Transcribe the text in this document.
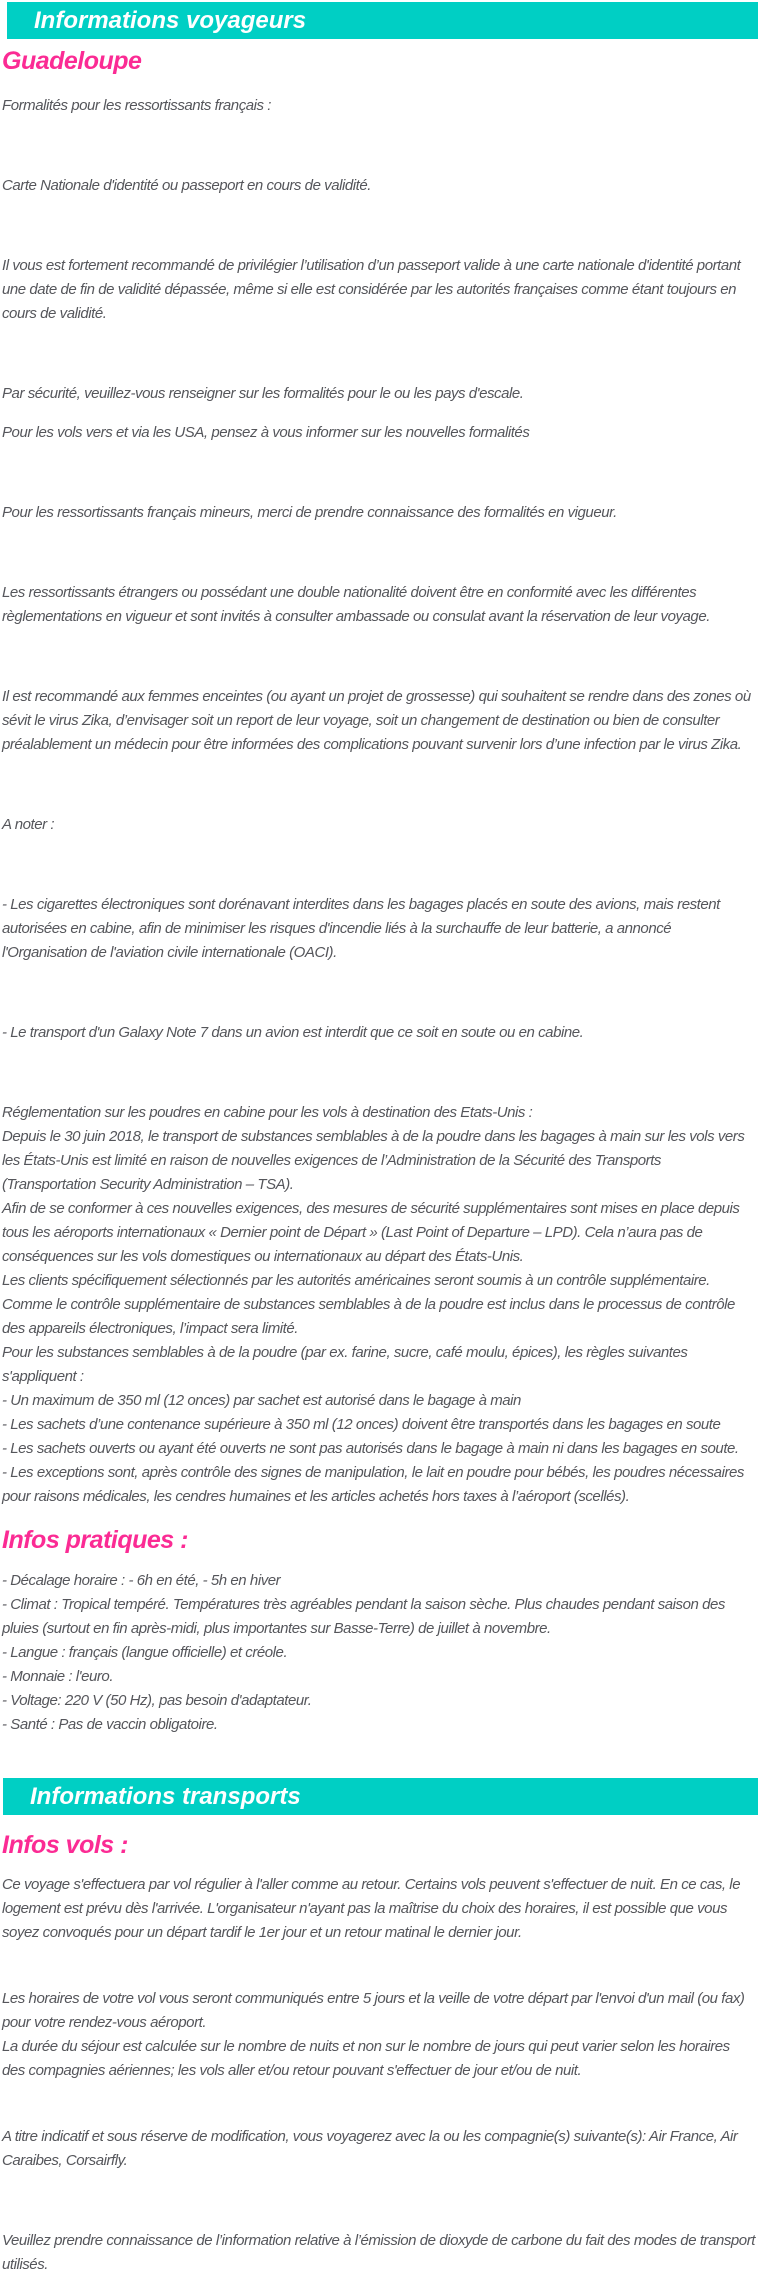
Informations voyageurs
Guadeloupe

Formalités pour les ressortissants français :

Carte Nationale d'identité ou passeport en cours de validité.

Il vous est fortement recommandé de privilégier l’utilisation d’un passeport valide à une carte nationale d'identité portant une date de fin de validité dépassée, même si elle est considérée par les autorités françaises comme étant toujours en cours de validité.

Par sécurité, veuillez-vous renseigner sur les formalités pour le ou les pays d'escale.

Pour les vols vers et via les USA, pensez à vous informer sur les nouvelles formalités

Pour les ressortissants français mineurs, merci de prendre connaissance des formalités en vigueur.

Les ressortissants étrangers ou possédant une double nationalité doivent être en conformité avec les différentes règlementations en vigueur et sont invités à consulter ambassade ou consulat avant la réservation de leur voyage.

Il est recommandé aux femmes enceintes (ou ayant un projet de grossesse) qui souhaitent se rendre dans des zones où sévit le virus Zika, d’envisager soit un report de leur voyage, soit un changement de destination ou bien de consulter préalablement un médecin pour être informées des complications pouvant survenir lors d’une infection par le virus Zika.

A noter :

- Les cigarettes électroniques sont dorénavant interdites dans les bagages placés en soute des avions, mais restent autorisées en cabine, afin de minimiser les risques d'incendie liés à la surchauffe de leur batterie, a annoncé l'Organisation de l'aviation civile internationale (OACI).

- Le transport d'un Galaxy Note 7 dans un avion est interdit que ce soit en soute ou en cabine.

Réglementation sur les poudres en cabine pour les vols à destination des Etats-Unis :

Depuis le 30 juin 2018, le transport de substances semblables à de la poudre dans les bagages à main sur les vols vers les États-Unis est limité en raison de nouvelles exigences de l’Administration de la Sécurité des Transports (Transportation Security Administration – TSA).

Afin de se conformer à ces nouvelles exigences, des mesures de sécurité supplémentaires sont mises en place depuis tous les aéroports internationaux « Dernier point de Départ » (Last Point of Departure – LPD). Cela n’aura pas de conséquences sur les vols domestiques ou internationaux au départ des États-Unis.

Les clients spécifiquement sélectionnés par les autorités américaines seront soumis à un contrôle supplémentaire.

Comme le contrôle supplémentaire de substances semblables à de la poudre est inclus dans le processus de contrôle des appareils électroniques, l’impact sera limité.

Pour les substances semblables à de la poudre (par ex. farine, sucre, café moulu, épices), les règles suivantes s'appliquent :

- Un maximum de 350 ml (12 onces) par sachet est autorisé dans le bagage à main

- Les sachets d’une contenance supérieure à 350 ml (12 onces) doivent être transportés dans les bagages en soute

- Les sachets ouverts ou ayant été ouverts ne sont pas autorisés dans le bagage à main ni dans les bagages en soute.

- Les exceptions sont, après contrôle des signes de manipulation, le lait en poudre pour bébés, les poudres nécessaires pour raisons médicales, les cendres humaines et les articles achetés hors taxes à l’aéroport (scellés).

Infos pratiques :

- Décalage horaire : - 6h en été, - 5h en hiver

- Climat : Tropical tempéré. Températures très agréables pendant la saison sèche. Plus chaudes pendant saison des pluies (surtout en fin après-midi, plus importantes sur Basse-Terre) de juillet à novembre.

- Langue : français (langue officielle) et créole.

- Monnaie : l'euro.

- Voltage: 220 V (50 Hz), pas besoin d'adaptateur.

- Santé : Pas de vaccin obligatoire.

Informations transports
Infos vols :

Ce voyage s'effectuera par vol régulier à l'aller comme au retour. Certains vols peuvent s'effectuer de nuit. En ce cas, le logement est prévu dès l'arrivée. L'organisateur n'ayant pas la maîtrise du choix des horaires, il est possible que vous soyez convoqués pour un départ tardif le 1er jour et un retour matinal le dernier jour.

Les horaires de votre vol vous seront communiqués entre 5 jours et la veille de votre départ par l'envoi d'un mail (ou fax) pour votre rendez-vous aéroport.

La durée du séjour est calculée sur le nombre de nuits et non sur le nombre de jours qui peut varier selon les horaires des compagnies aériennes; les vols aller et/ou retour pouvant s'effectuer de jour et/ou de nuit.

A titre indicatif et sous réserve de modification, vous voyagerez avec la ou les compagnie(s) suivante(s): Air France, Air Caraibes, Corsairfly.

Veuillez prendre connaissance de l’information relative à l’émission de dioxyde de carbone du fait des modes de transport utilisés.
